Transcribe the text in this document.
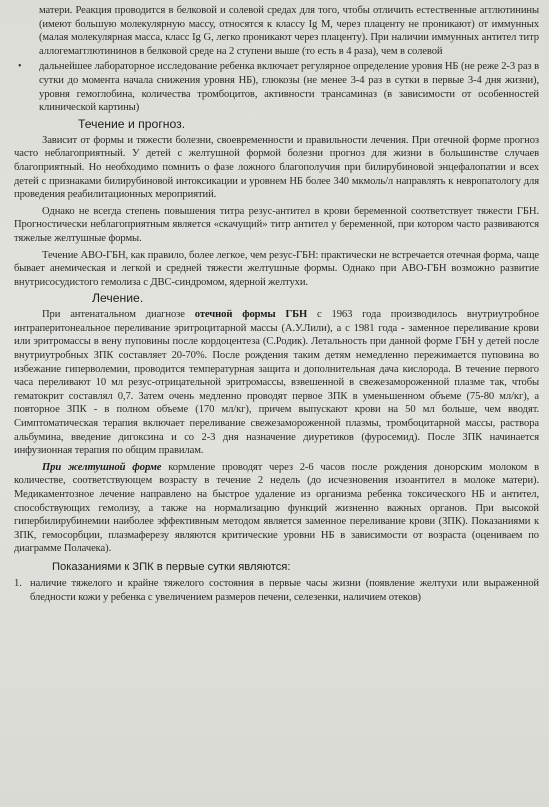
матери. Реакция проводится в белковой и солевой средах для того, чтобы отличить естественные агглютинины (имеют большую молекулярную массу, относятся к классу Ig M, через плаценту не проникают) от иммунных (малая молекулярная масса, класс Ig G, легко проникают через плаценту). При наличии иммунных антител титр аллогемагглютининов в белковой среде на 2 ступени выше (то есть в 4 раза), чем в солевой

• дальнейшее лабораторное исследование ребенка включает регулярное определение уровня НБ (не реже 2-3 раз в сутки до момента начала снижения уровня НБ), глюкозы (не менее 3-4 раз в сутки в первые 3-4 дня жизни), уровня гемоглобина, количества тромбоцитов, активности трансаминаз (в зависимости от особенностей клинической картины)

Течение и прогноз.

Зависит от формы и тяжести болезни, своевременности и правильности лечения. При отечной форме прогноз часто неблагоприятный. У детей с желтушной формой болезни прогноз для жизни в большинстве случаев благоприятный. Но необходимо помнить о фазе ложного благополучия при билирубиновой энцефалопатии и всех детей с признаками билирубиновой интоксикации и уровнем НБ более 340 мкмоль/л направлять к невропатологу для проведения реабилитационных мероприятий.

Однако не всегда степень повышения титра резус-антител в крови беременной соответствует тяжести ГБН. Прогностически неблагоприятным является «скачущий» титр антител у беременной, при котором часто развиваются тяжелые желтушные формы.

Течение АВО-ГБН, как правило, более легкое, чем резус-ГБН: практически не встречается отечная форма, чаще бывает анемическая и легкой и средней тяжести желтушные формы. Однако при АВО-ГБН возможно развитие внутрисосудистого гемолиза с ДВС-синдромом, ядерной желтухи.

Лечение.

При антенатальном диагнозе отечной формы ГБН с 1963 года производилось внутриутробное интраперитонеальное переливание эритроцитарной массы (А.У.Лили), а с 1981 года - заменное переливание крови или эритромассы в вену пуповины после кордоцентеза (С.Родик). Летальность при данной форме ГБН у детей после внутриутробных ЗПК составляет 20-70%. После рождения таким детям немедленно пережимается пуповина во избежание гиперволемии, проводится температурная защита и дополнительная дача кислорода. В течение первого часа переливают 10 мл резус-отрицательной эритромассы, взвешенной в свежезамороженной плазме так, чтобы гематокрит составлял 0,7. Затем очень медленно проводят первое ЗПК в уменьшенном объеме (75-80 мл/кг), а повторное ЗПК - в полном объеме (170 мл/кг), причем выпускают крови на 50 мл больше, чем вводят. Симптоматическая терапия включает переливание свежезамороженной плазмы, тромбоцитарной массы, раствора альбумина, введение дигоксина и со 2-3 дня назначение диуретиков (фуросемид). После ЗПК начинается инфузионная терапия по общим правилам.

При желтушной форме кормление проводят через 2-6 часов после рождения донорским молоком в количестве, соответствующем возрасту в течение 2 недель (до исчезновения изоантител в молоке матери). Медикаментозное лечение направлено на быстрое удаление из организма ребенка токсического НБ и антител, способствующих гемолизу, а также на нормализацию функций жизненно важных органов. При высокой гипербилирубинемии наиболее эффективным методом является заменное переливание крови (ЗПК). Показаниями к ЗПК, гемосорбции, плазмаферезу являются критические уровни НБ в зависимости от возраста (оцениваем по диаграмме Полачека).

Показаниями к ЗПК в первые сутки являются:

1. наличие тяжелого и крайне тяжелого состояния в первые часы жизни (появление желтухи или выраженной бледности кожи у ребенка с увеличением размеров печени, селезенки, наличием отеков)
